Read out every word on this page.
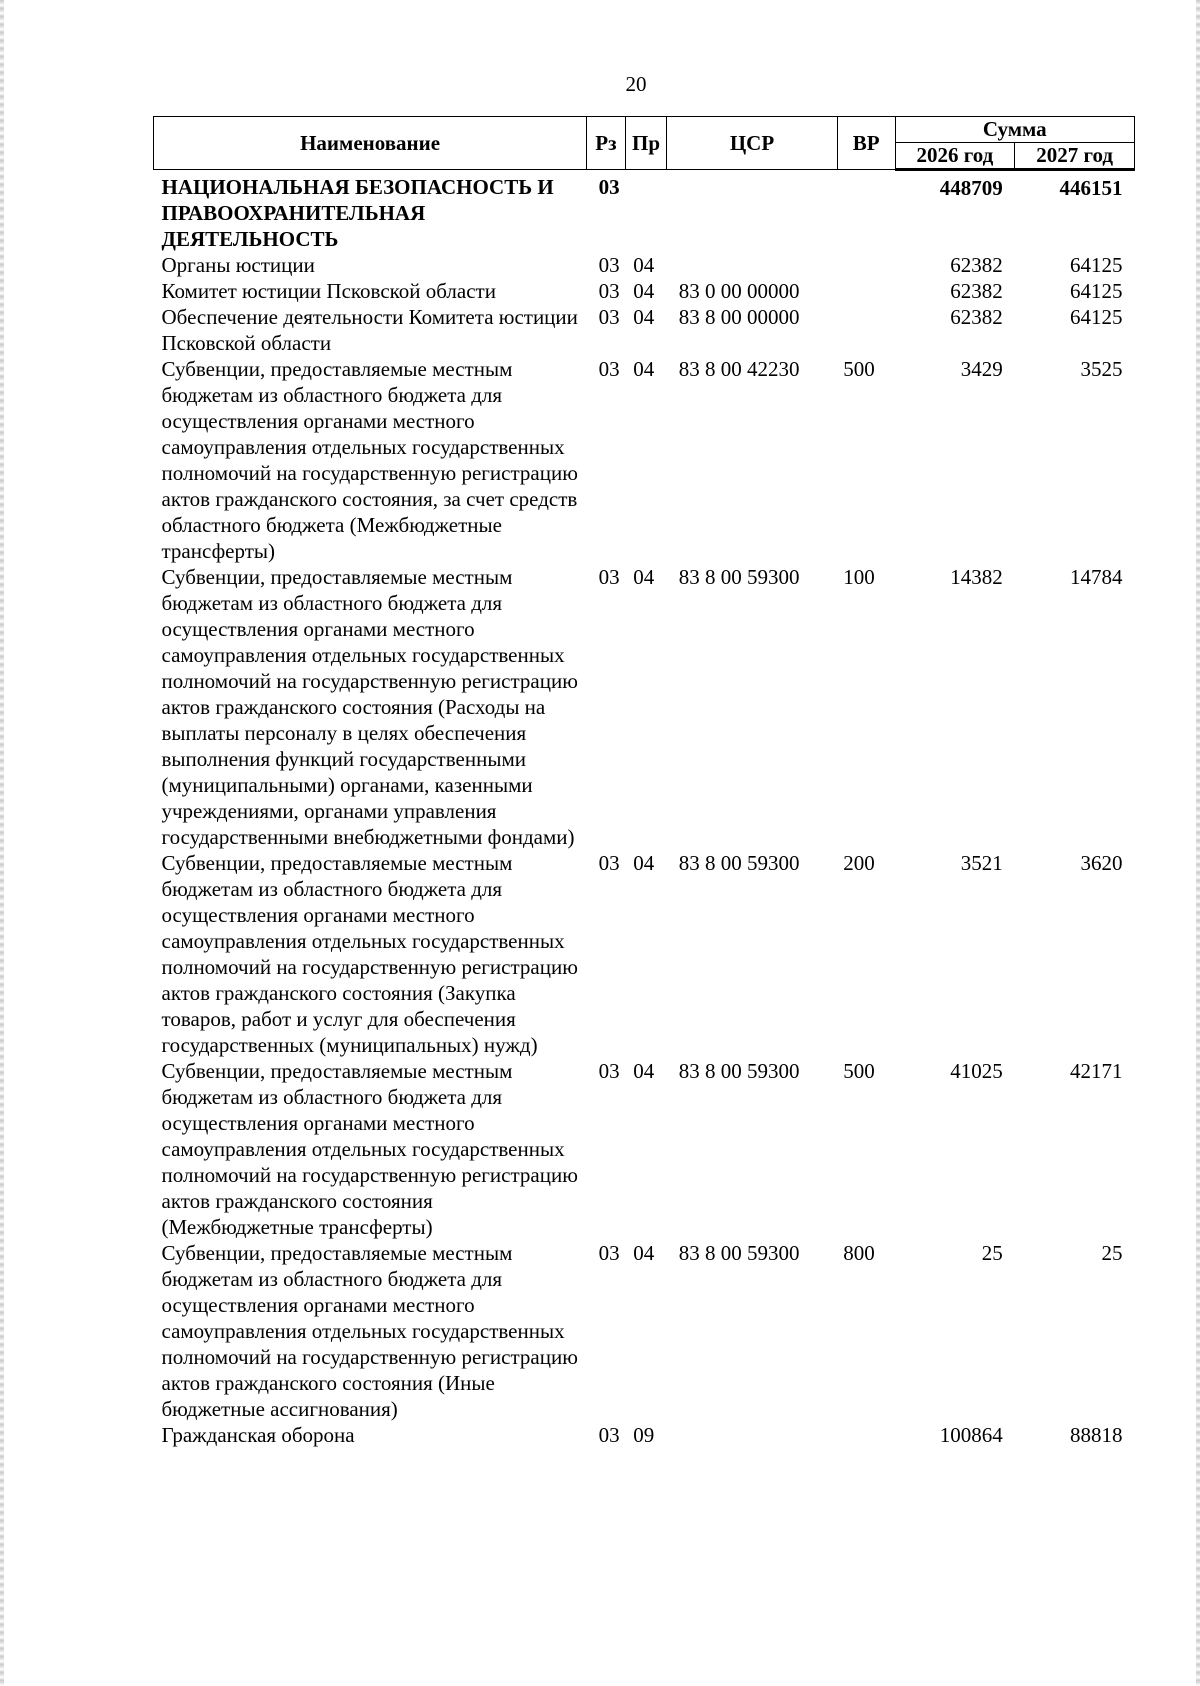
20
Наименование	Рз	Пр	ЦСР	ВР	Сумма	
					2026 год	2027 год
НАЦИОНАЛЬНАЯ БЕЗОПАСНОСТЬ И ПРАВООХРАНИТЕЛЬНАЯ ДЕЯТЕЛЬНОСТЬ	03				448709	446151
Органы юстиции	03	04			62382	64125
Комитет юстиции Псковской области	03	04	83 0 00 00000		62382	64125
Обеспечение деятельности Комитета юстиции Псковской области	03	04	83 8 00 00000		62382	64125
Субвенции, предоставляемые местным бюджетам из областного бюджета для осуществления органами местного самоуправления отдельных государственных полномочий на государственную регистрацию актов гражданского состояния, за счет средств областного бюджета (Межбюджетные трансферты)	03	04	83 8 00 42230	500	3429	3525
Субвенции, предоставляемые местным бюджетам из областного бюджета для осуществления органами местного самоуправления отдельных государственных полномочий на государственную регистрацию актов гражданского состояния (Расходы на выплаты персоналу в целях обеспечения выполнения функций государственными (муниципальными) органами, казенными учреждениями, органами управления государственными внебюджетными фондами)	03	04	83 8 00 59300	100	14382	14784
Субвенции, предоставляемые местным бюджетам из областного бюджета для осуществления органами местного самоуправления отдельных государственных полномочий на государственную регистрацию актов гражданского состояния (Закупка товаров, работ и услуг для обеспечения государственных (муниципальных) нужд)	03	04	83 8 00 59300	200	3521	3620
Субвенции, предоставляемые местным бюджетам из областного бюджета для осуществления органами местного самоуправления отдельных государственных полномочий на государственную регистрацию актов гражданского состояния (Межбюджетные трансферты)	03	04	83 8 00 59300	500	41025	42171
Субвенции, предоставляемые местным бюджетам из областного бюджета для осуществления органами местного самоуправления отдельных государственных полномочий на государственную регистрацию актов гражданского состояния (Иные бюджетные ассигнования)	03	04	83 8 00 59300	800	25	25
Гражданская оборона	03	09			100864	88818
